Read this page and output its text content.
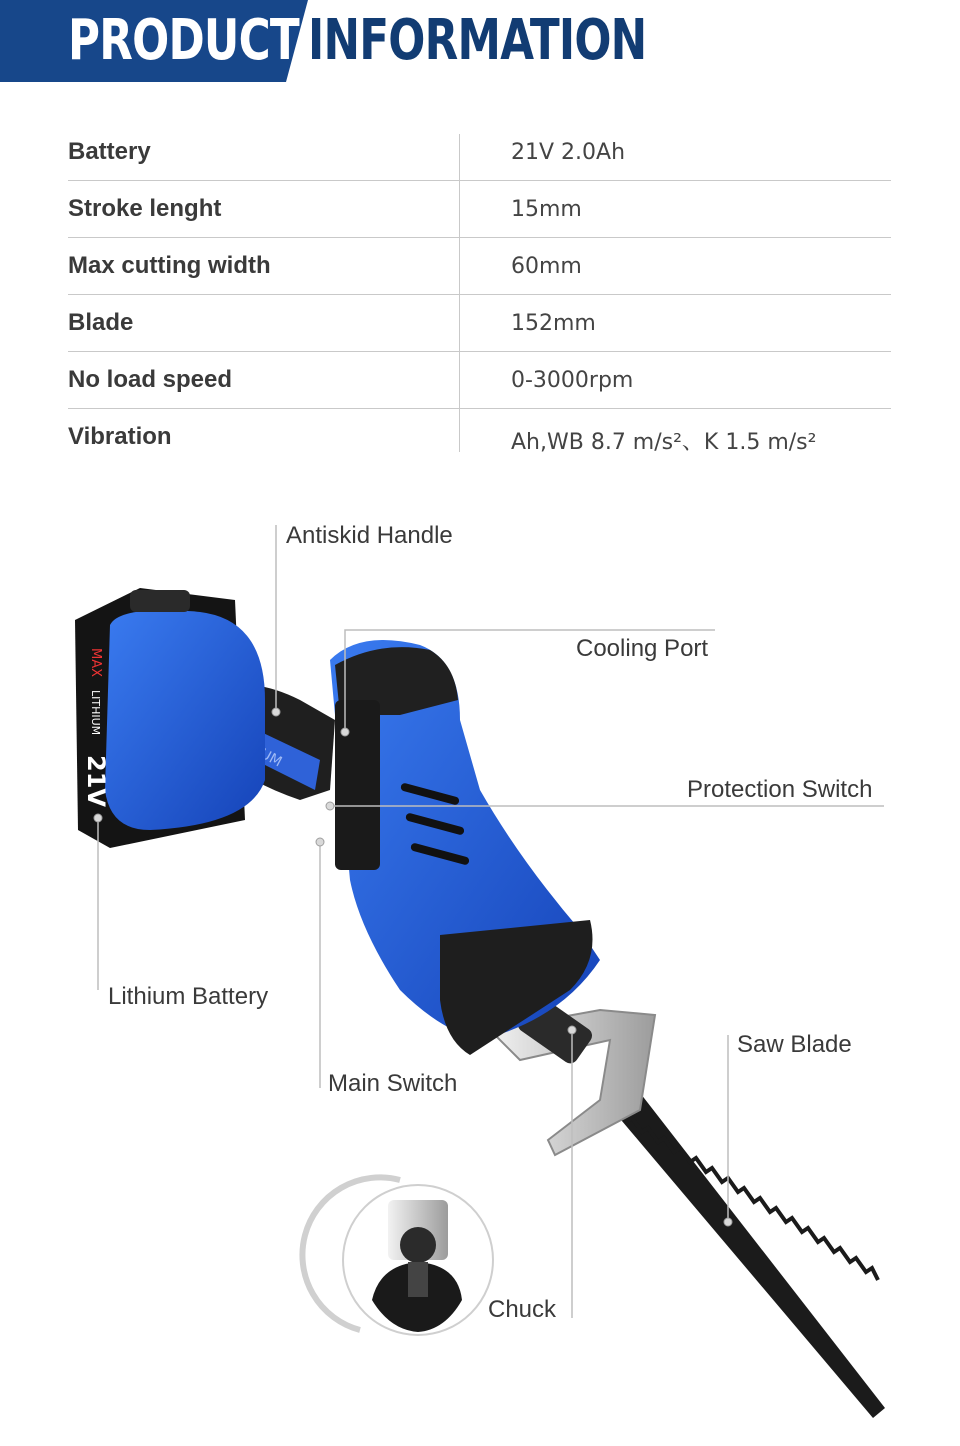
PRODUCT INFORMATION
Battery	21V 2.0Ah
Stroke lenght	15mm
Max cutting width	60mm
Blade	152mm
No load speed	0-3000rpm
Vibration	Ah,WB 8.7 m/s²、K 1.5 m/s²
MAX
LITHIUM
21V
Antiskid Handle
Cooling Port
Protection Switch
Lithium Battery
Main Switch
Saw Blade
Chuck
